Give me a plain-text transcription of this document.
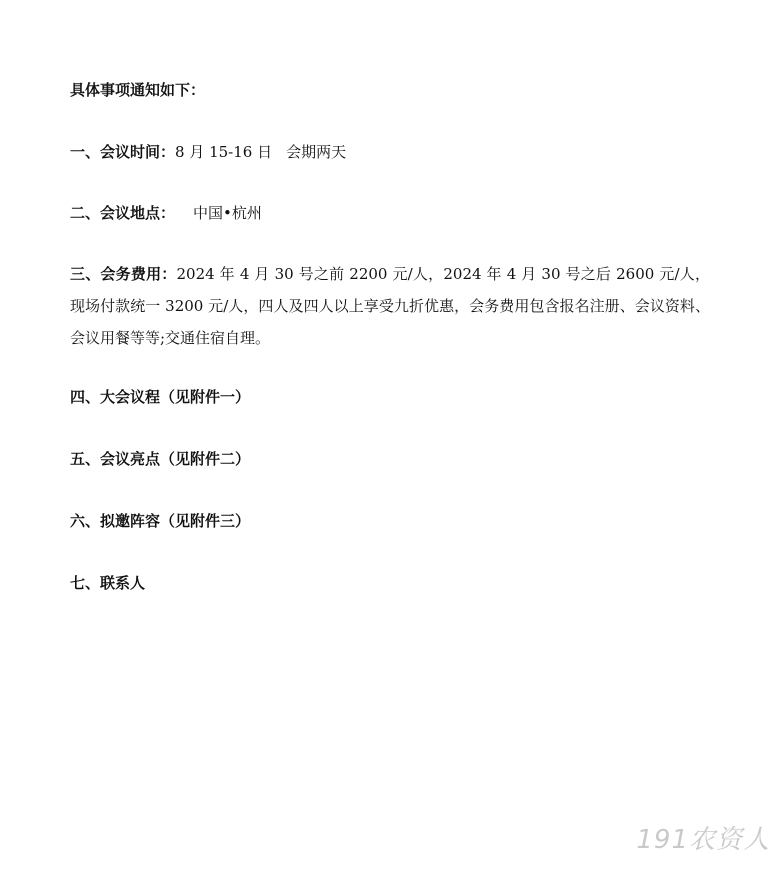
具体事项通知如下：
一、会议时间：8 月 15-16 日 会期两天
二、会议地点： 中国•杭州
三、会务费用：2024 年 4 月 30 号之前 2200 元/人，2024 年 4 月 30 号之后 2600 元/人，现场付款统一 3200 元/人，四人及四人以上享受九折优惠，会务费用包含报名注册、会议资料、会议用餐等等;交通住宿自理。
四、大会议程（见附件一）
五、会议亮点（见附件二）
六、拟邀阵容（见附件三）
七、联系人
191农资人
